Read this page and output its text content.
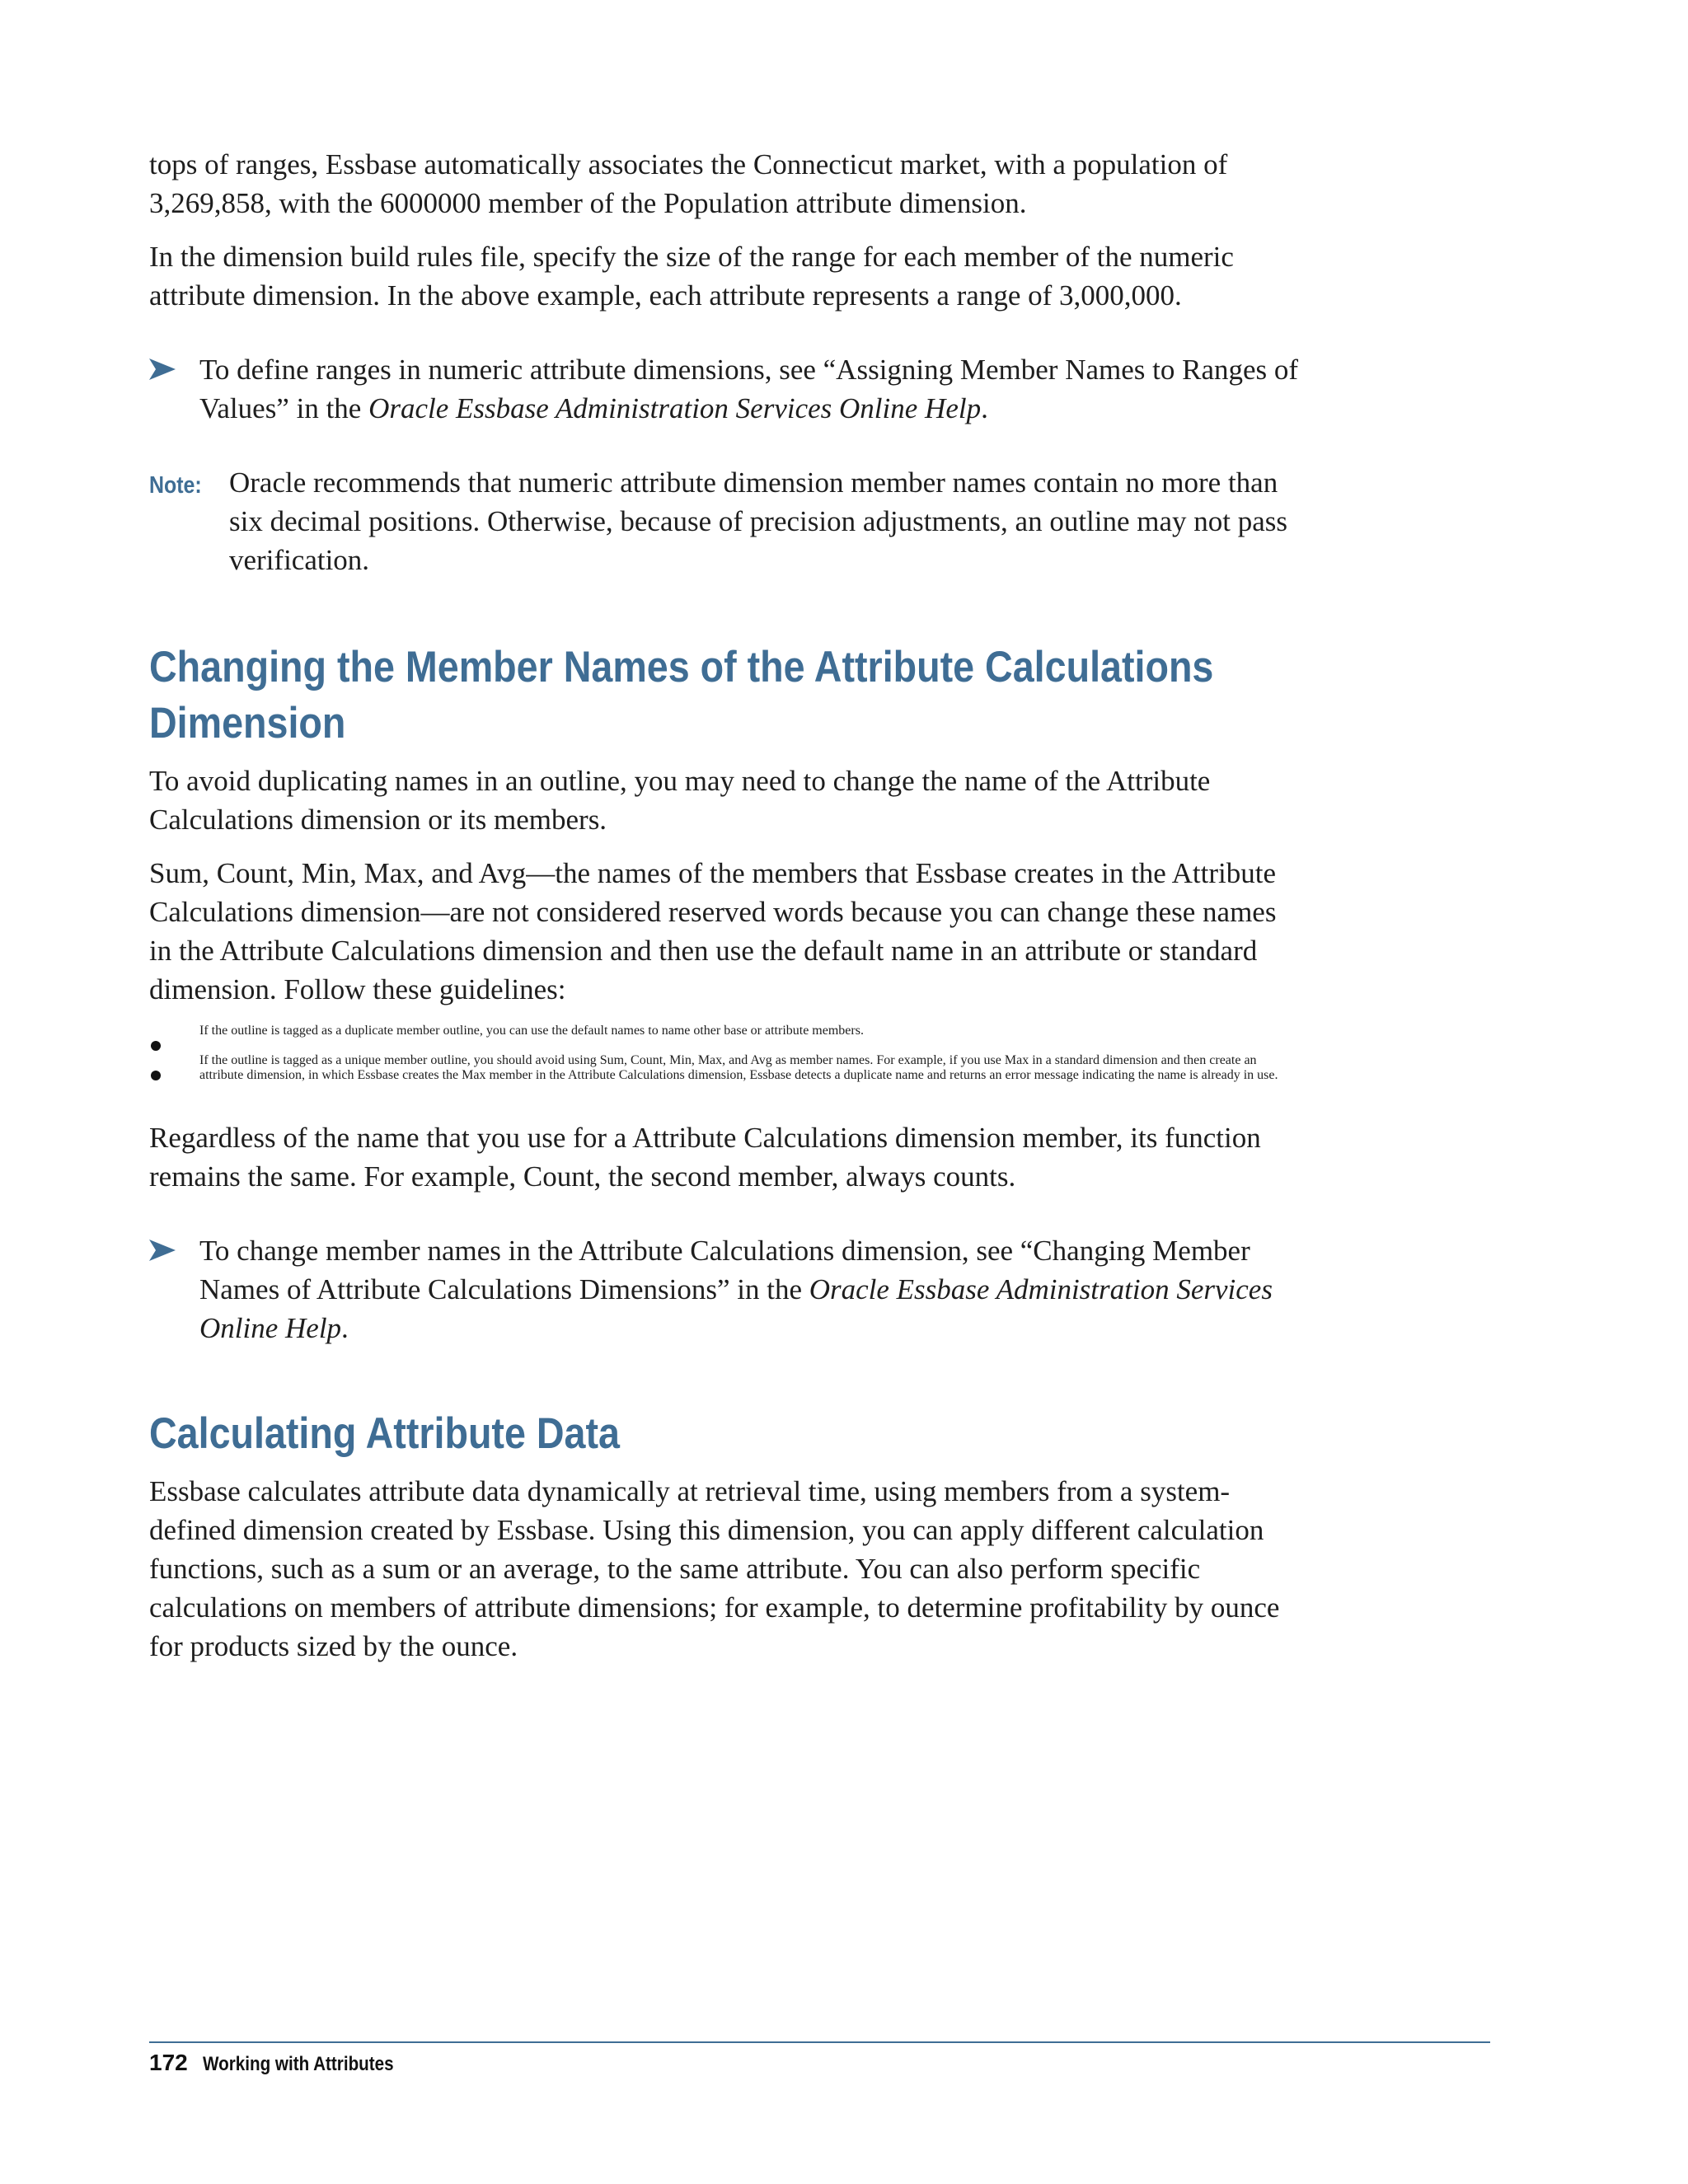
tops of ranges, Essbase automatically associates the Connecticut market, with a population of 3,269,858, with the 6000000 member of the Population attribute dimension.

In the dimension build rules file, specify the size of the range for each member of the numeric attribute dimension. In the above example, each attribute represents a range of 3,000,000.

To define ranges in numeric attribute dimensions, see “Assigning Member Names to Ranges of Values” in the Oracle Essbase Administration Services Online Help.

Note: Oracle recommends that numeric attribute dimension member names contain no more than six decimal positions. Otherwise, because of precision adjustments, an outline may not pass verification.

Changing the Member Names of the Attribute Calculations
Dimension

To avoid duplicating names in an outline, you may need to change the name of the Attribute Calculations dimension or its members.

Sum, Count, Min, Max, and Avg—the names of the members that Essbase creates in the Attribute Calculations dimension—are not considered reserved words because you can change these names in the Attribute Calculations dimension and then use the default name in an attribute or standard dimension. Follow these guidelines:

If the outline is tagged as a duplicate member outline, you can use the default names to name other base or attribute members.
If the outline is tagged as a unique member outline, you should avoid using Sum, Count, Min, Max, and Avg as member names. For example, if you use Max in a standard dimension and then create an attribute dimension, in which Essbase creates the Max member in the Attribute Calculations dimension, Essbase detects a duplicate name and returns an error message indicating the name is already in use.

Regardless of the name that you use for a Attribute Calculations dimension member, its function remains the same. For example, Count, the second member, always counts.

To change member names in the Attribute Calculations dimension, see “Changing Member Names of Attribute Calculations Dimensions” in the Oracle Essbase Administration Services Online Help.

Calculating Attribute Data

Essbase calculates attribute data dynamically at retrieval time, using members from a system-defined dimension created by Essbase. Using this dimension, you can apply different calculation functions, such as a sum or an average, to the same attribute. You can also perform specific calculations on members of attribute dimensions; for example, to determine profitability by ounce for products sized by the ounce.

172 Working with Attributes
